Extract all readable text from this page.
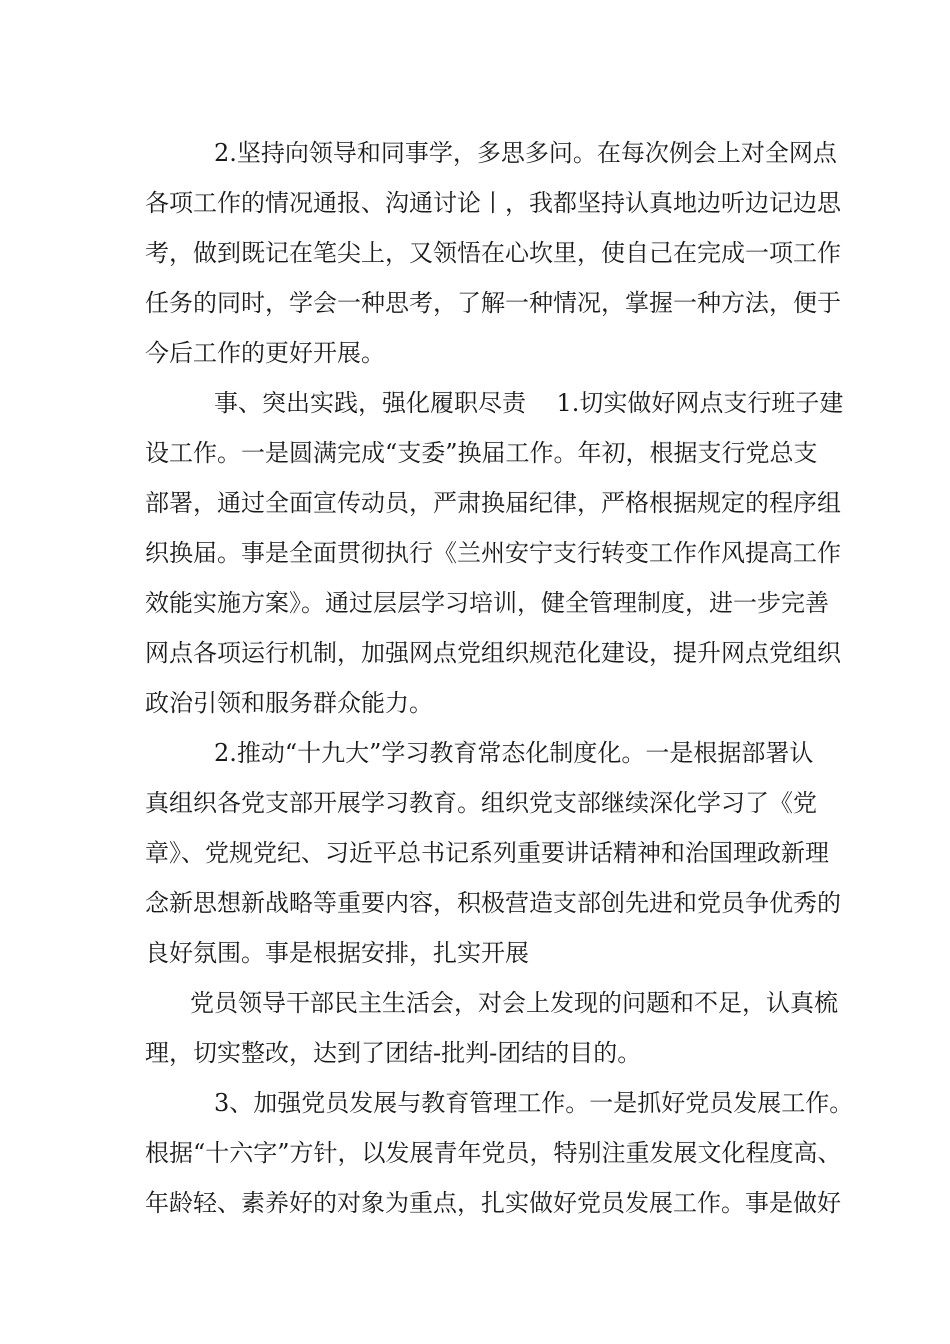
2.坚持向领导和同事学，多思多问。在每次例会上对全网点
各项工作的情况通报、沟通讨论丨，我都坚持认真地边听边记边思
考，做到既记在笔尖上，又领悟在心坎里，使自己在完成一项工作
任务的同时，学会一种思考，了解一种情况，掌握一种方法，便于
今后工作的更好开展。
事、突出实践，强化履职尽责    1.切实做好网点支行班子建
设工作。一是圆满完成“支委”换届工作。年初，根据支行党总支
部署，通过全面宣传动员，严肃换届纪律，严格根据规定的程序组
织换届。事是全面贯彻执行《兰州安宁支行转变工作作风提高工作
效能实施方案》。通过层层学习培训，健全管理制度，进一步完善
网点各项运行机制，加强网点党组织规范化建设，提升网点党组织
政治引领和服务群众能力。
2.推动“十九大”学习教育常态化制度化。一是根据部署认
真组织各党支部开展学习教育。组织党支部继续深化学习了《党
章》、党规党纪、习近平总书记系列重要讲话精神和治国理政新理
念新思想新战略等重要内容，积极营造支部创先进和党员争优秀的
良好氛围。事是根据安排，扎实开展
党员领导干部民主生活会，对会上发现的问题和不足，认真梳
理，切实整改，达到了团结-批判-团结的目的。
3、加强党员发展与教育管理工作。一是抓好党员发展工作。
根据“十六字”方针，以发展青年党员，特别注重发展文化程度高、
年龄轻、素养好的对象为重点，扎实做好党员发展工作。事是做好
